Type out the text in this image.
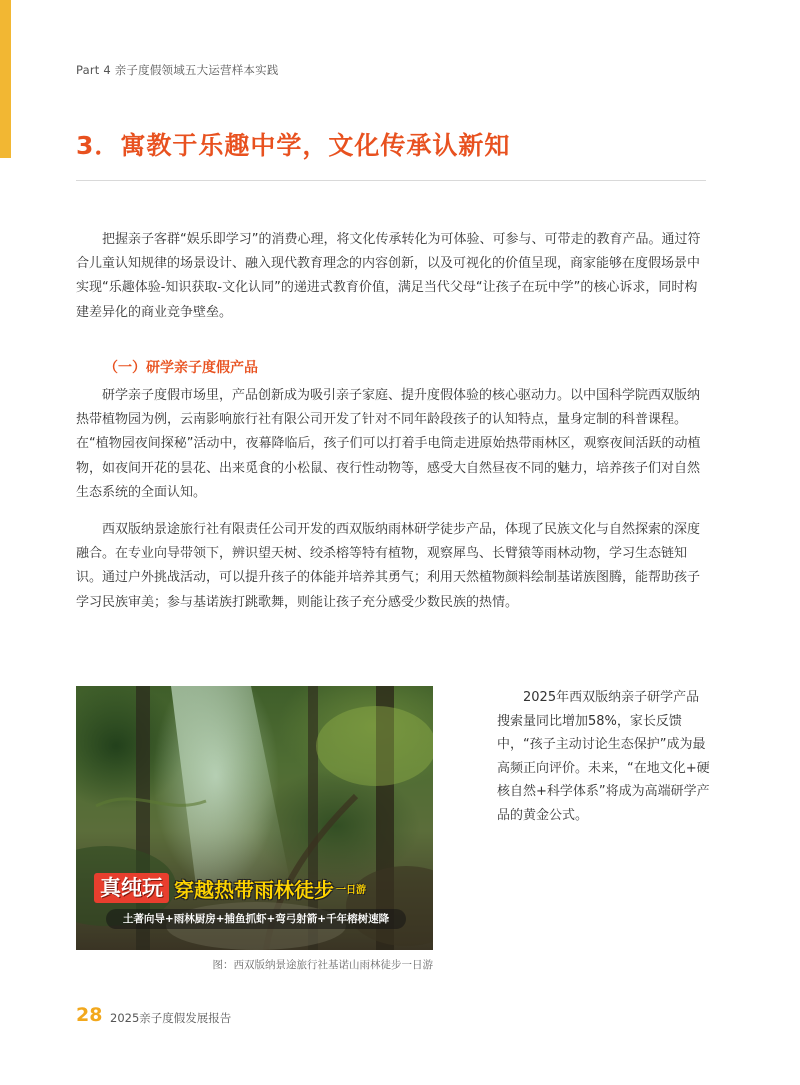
Part 4 亲子度假领域五大运营样本实践
3．寓教于乐趣中学，文化传承认新知

把握亲子客群“娱乐即学习”的消费心理，将文化传承转化为可体验、可参与、可带走的教育产品。通过符合儿童认知规律的场景设计、融入现代教育理念的内容创新，以及可视化的价值呈现，商家能够在度假场景中实现“乐趣体验-知识获取-文化认同”的递进式教育价值，满足当代父母“让孩子在玩中学”的核心诉求，同时构建差异化的商业竞争壁垒。

（一）研学亲子度假产品

研学亲子度假市场里，产品创新成为吸引亲子家庭、提升度假体验的核心驱动力。以中国科学院西双版纳热带植物园为例，云南影响旅行社有限公司开发了针对不同年龄段孩子的认知特点，量身定制的科普课程。在“植物园夜间探秘”活动中，夜幕降临后，孩子们可以打着手电筒走进原始热带雨林区，观察夜间活跃的动植物，如夜间开花的昙花、出来觅食的小松鼠、夜行性动物等，感受大自然昼夜不同的魅力，培养孩子们对自然生态系统的全面认知。

西双版纳景途旅行社有限责任公司开发的西双版纳雨林研学徒步产品，体现了民族文化与自然探索的深度融合。在专业向导带领下，辨识望天树、绞杀榕等特有植物，观察犀鸟、长臂猿等雨林动物，学习生态链知识。通过户外挑战活动，可以提升孩子的体能并培养其勇气；利用天然植物颜料绘制基诺族图腾，能帮助孩子学习民族审美；参与基诺族打跳歌舞，则能让孩子充分感受少数民族的热情。

真纯玩 穿越热带雨林徒步 一日游
土著向导+雨林厨房+捕鱼抓虾+弯弓射箭+千年榕树速降
图：西双版纳景途旅行社基诺山雨林徒步一日游

2025年西双版纳亲子研学产品搜索量同比增加58%，家长反馈中，“孩子主动讨论生态保护”成为最高频正向评价。未来，“在地文化+硬核自然+科学体系”将成为高端研学产品的黄金公式。

28 2025亲子度假发展报告
